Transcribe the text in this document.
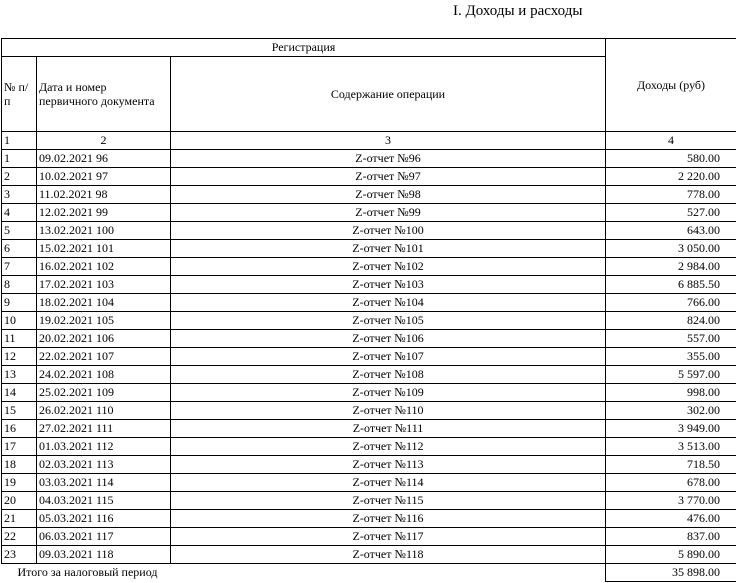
I. Доходы и расходы
Регистрация			Доходы (руб)
№ п/п	Дата и номер первичного документа	Содержание операции	
1	2	3	4
1	09.02.2021 96	Z-отчет №96	580.00
2	10.02.2021 97	Z-отчет №97	2 220.00
3	11.02.2021 98	Z-отчет №98	778.00
4	12.02.2021 99	Z-отчет №99	527.00
5	13.02.2021 100	Z-отчет №100	643.00
6	15.02.2021 101	Z-отчет №101	3 050.00
7	16.02.2021 102	Z-отчет №102	2 984.00
8	17.02.2021 103	Z-отчет №103	6 885.50
9	18.02.2021 104	Z-отчет №104	766.00
10	19.02.2021 105	Z-отчет №105	824.00
11	20.02.2021 106	Z-отчет №106	557.00
12	22.02.2021 107	Z-отчет №107	355.00
13	24.02.2021 108	Z-отчет №108	5 597.00
14	25.02.2021 109	Z-отчет №109	998.00
15	26.02.2021 110	Z-отчет №110	302.00
16	27.02.2021 111	Z-отчет №111	3 949.00
17	01.03.2021 112	Z-отчет №112	3 513.00
18	02.03.2021 113	Z-отчет №113	718.50
19	03.03.2021 114	Z-отчет №114	678.00
20	04.03.2021 115	Z-отчет №115	3 770.00
21	05.03.2021 116	Z-отчет №116	476.00
22	06.03.2021 117	Z-отчет №117	837.00
23	09.03.2021 118	Z-отчет №118	5 890.00
Итого за налоговый период			35 898.00
